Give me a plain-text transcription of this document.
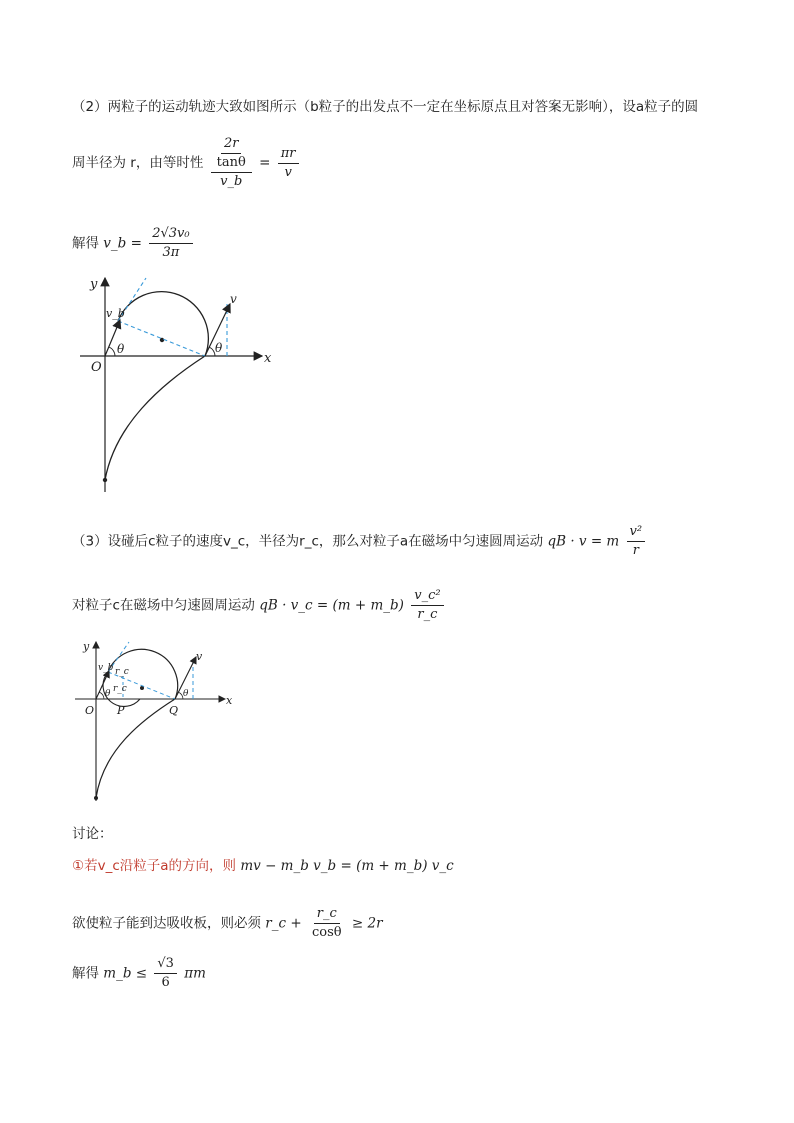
（2）两粒子的运动轨迹大致如图所示（b粒子的出发点不一定在坐标原点且对答案无影响），设a粒子的圆
周半径为 r，由等时性 $\frac{\frac{2r}{\tan\theta}}{v\_b} = \frac{\pi r}{v}$
解得 v_b = $\frac{\text{2√3v₀}}{3\pi}$
y
x
O
v_b
v
θ	θ
（3）设碰后c粒子的速度v_c，半径为r_c，那么对粒子a在磁场中匀速圆周运动 qB · v = m $\frac{\text{v²}}{r}$
对粒子c在磁场中匀速圆周运动 qB · v_c = (m + m_b) $\frac{\text{v\_c²}}{r\_c}$
y
x
O P	Q
v_b r_c
r_c
v
θ	θ
讨论：
①若v_c沿粒子a的方向，则 mv − m_b v_b = (m + m_b) v_c
欲使粒子能到达吸收板，则必须 r_c + $\frac{r\_c}{\cos\theta} \ge 2r$
解得 m_b ≤ $\frac{√3}{6}$ πm
